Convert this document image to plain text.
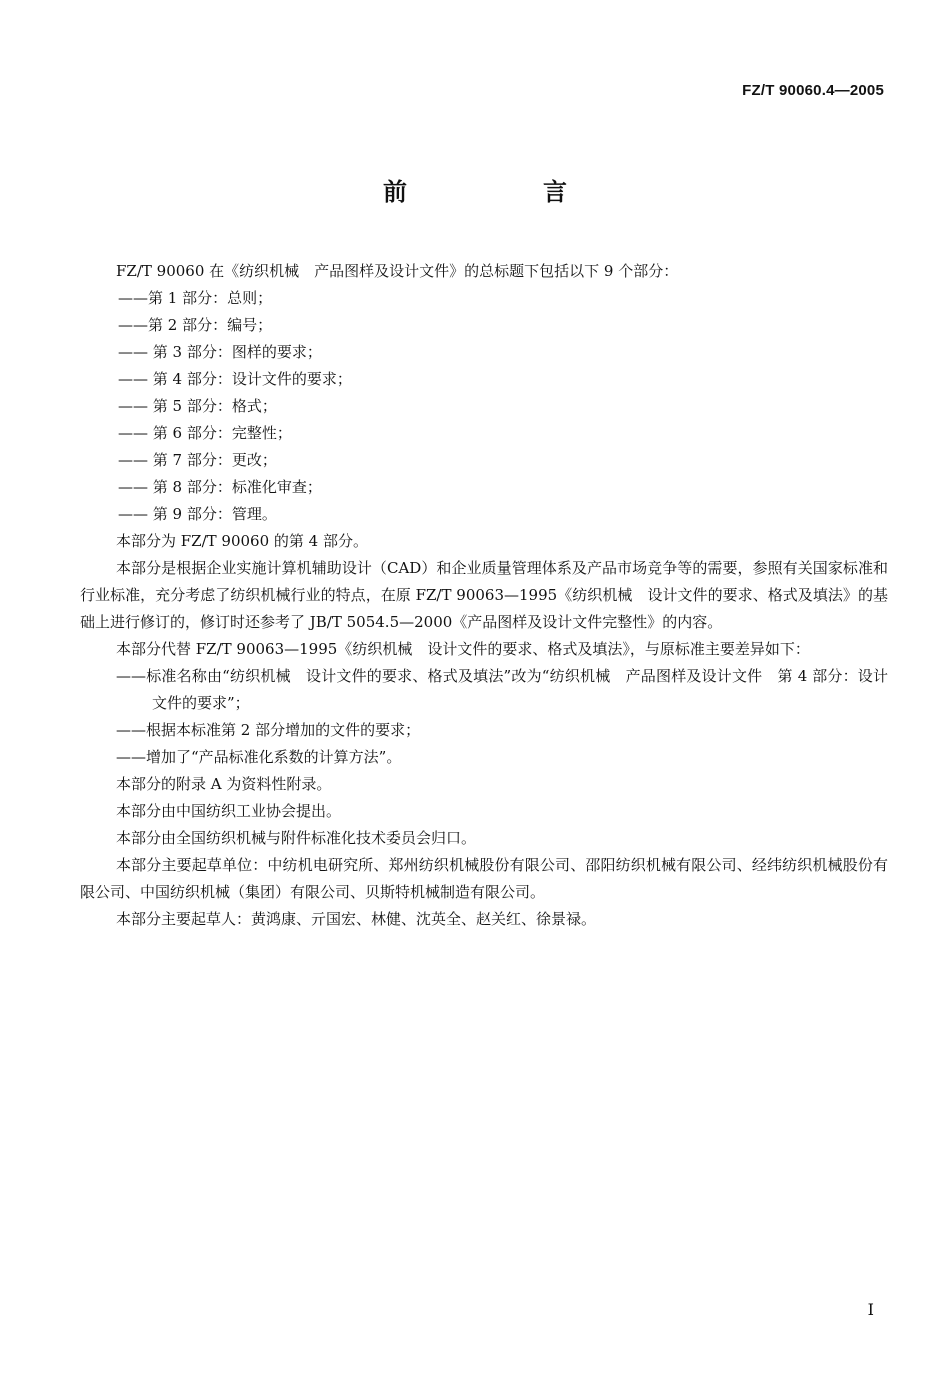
FZ/T 90060.4—2005
前　言

FZ/T 90060 在《纺织机械　产品图样及设计文件》的总标题下包括以下 9 个部分：

——第 1 部分：总则；

——第 2 部分：编号；

—— 第 3 部分：图样的要求；

—— 第 4 部分：设计文件的要求；

—— 第 5 部分：格式；

—— 第 6 部分：完整性；

—— 第 7 部分：更改；

—— 第 8 部分：标准化审查；

—— 第 9 部分：管理。

本部分为 FZ/T 90060 的第 4 部分。

本部分是根据企业实施计算机辅助设计（CAD）和企业质量管理体系及产品市场竞争等的需要，参照有关国家标准和行业标准，充分考虑了纺织机械行业的特点，在原 FZ/T 90063—1995《纺织机械　设计文件的要求、格式及填法》的基础上进行修订的，修订时还参考了 JB/T 5054.5—2000《产品图样及设计文件完整性》的内容。

本部分代替 FZ/T 90063—1995《纺织机械　设计文件的要求、格式及填法》，与原标准主要差异如下：

——标准名称由“纺织机械　设计文件的要求、格式及填法”改为“纺织机械　产品图样及设计文件　第 4 部分：设计文件的要求”；

——根据本标准第 2 部分增加的文件的要求；

——增加了“产品标准化系数的计算方法”。

本部分的附录 A 为资料性附录。

本部分由中国纺织工业协会提出。

本部分由全国纺织机械与附件标准化技术委员会归口。

本部分主要起草单位：中纺机电研究所、郑州纺织机械股份有限公司、邵阳纺织机械有限公司、经纬纺织机械股份有限公司、中国纺织机械（集团）有限公司、贝斯特机械制造有限公司。

本部分主要起草人：黄鸿康、亓国宏、林健、沈英全、赵关红、徐景禄。

I
